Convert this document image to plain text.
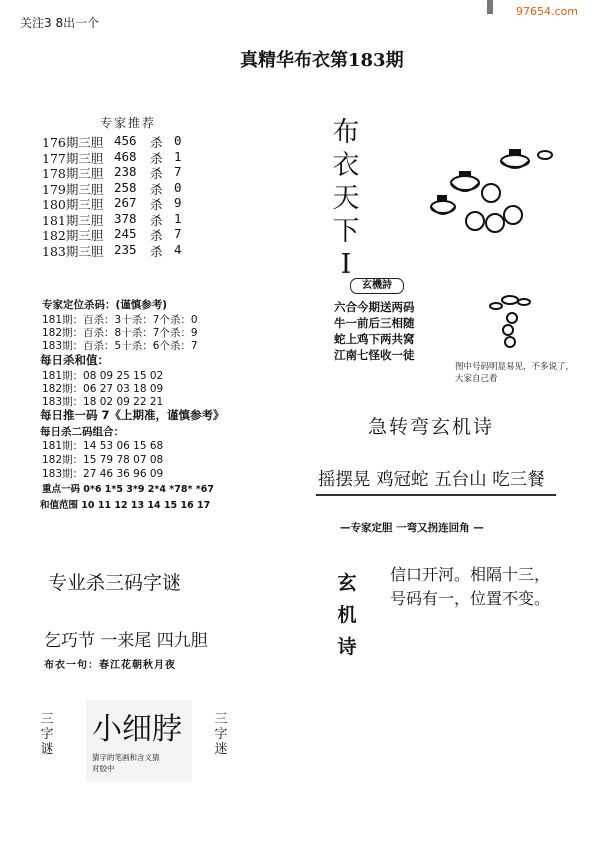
关注3 8出一个
97654.com
真精华布衣第183期
专家推荐
176期三胆 456 杀 0
177期三胆 468 杀 1
178期三胆 238 杀 7
179期三胆 258 杀 0
180期三胆 267 杀 9
181期三胆 378 杀 1
182期三胆 245 杀 7
183期三胆 235 杀 4
专家定位杀码：(谨慎参考)
181期：百杀：3十杀：7个杀：0
182期：百杀：8十杀：7个杀：9
183期：百杀：5十杀：6个杀：7
每日杀和值：
181期：08 09 25 15 02
182期：06 27 03 18 09
183期：18 02 09 22 21
每日推一码 7《上期准，谨慎参考》
每日杀二码组合：
181期：14 53 06 15 68
182期：15 79 78 07 08
183期：27 46 36 96 09
重点一码 0*6 1*5 3*9 2*4 *78* *67
和值范围 10 11 12 13 14 15 16 17
专业杀三码字谜
乞巧节 一来尾 四九胆
布衣一句：春江花朝秋月夜
三
字
谜
小细脖
猜字的笔画和含义猜对胶中
三
字
迷
布
衣
天
下
I
玄機詩
六合今期送两码
牛一前后三相随
蛇上鸡下两共窝
江南七怪收一徒
图中号码明显易见，不多说了，大家自己看
急转弯玄机诗
摇摆晃 鸡冠蛇 五台山 吃三餐
—专家定胆 一弯又拐连回角 —
玄
机
诗
信口开河。相隔十三，
号码有一，位置不变。
